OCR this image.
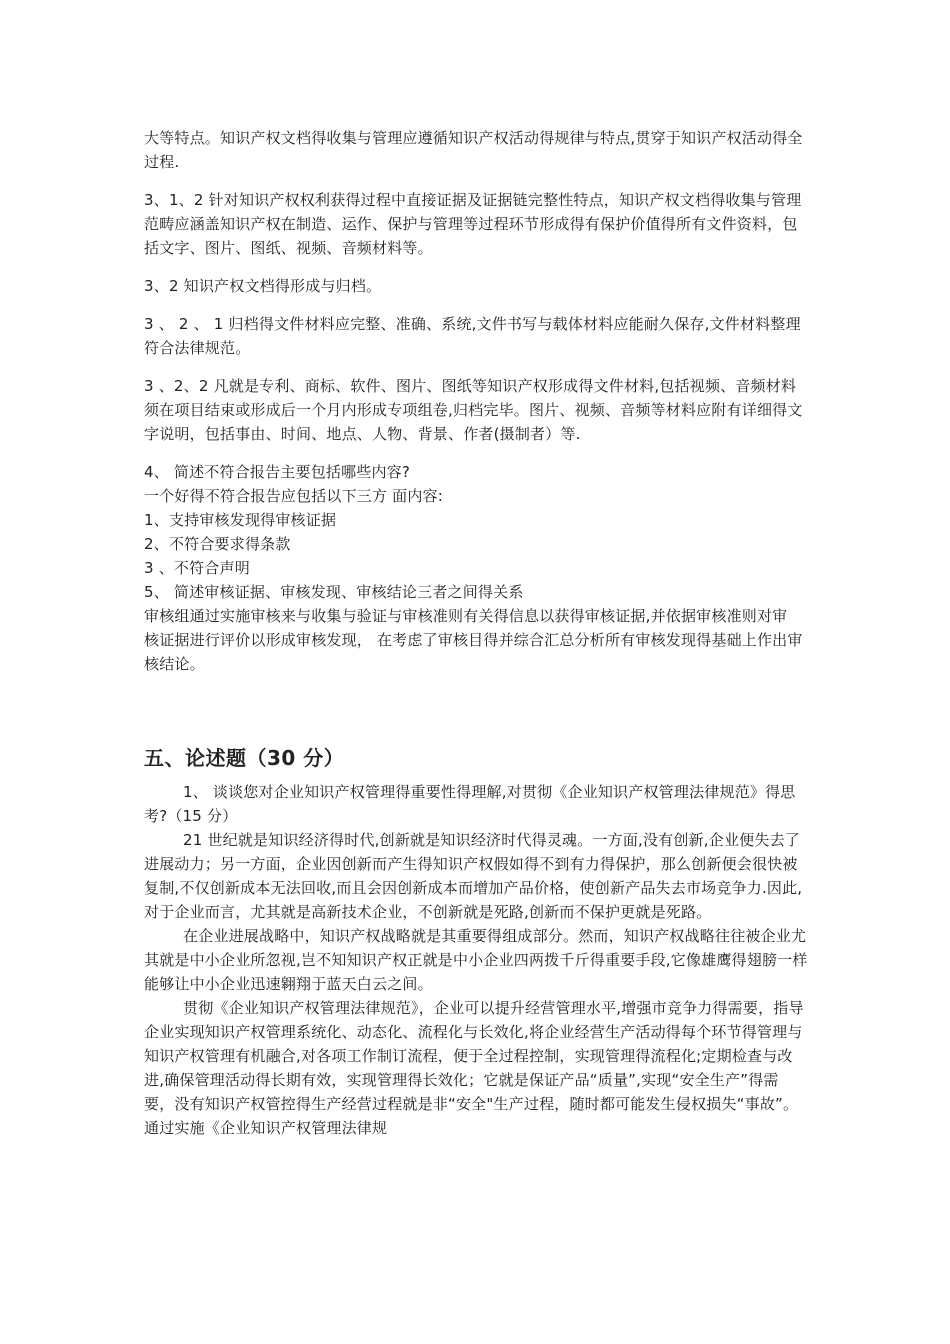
大等特点。知识产权文档得收集与管理应遵循知识产权活动得规律与特点,贯穿于知识产权活动得全过程.

3、1、2 针对知识产权权利获得过程中直接证据及证据链完整性特点，知识产权文档得收集与管理范畴应涵盖知识产权在制造、运作、保护与管理等过程环节形成得有保护价值得所有文件资料，包括文字、图片、图纸、视频、音频材料等。

3、2 知识产权文档得形成与归档。

3 、 2 、 1 归档得文件材料应完整、准确、系统,文件书写与载体材料应能耐久保存,文件材料整理符合法律规范。

3 、2、2 凡就是专利、商标、软件、图片、图纸等知识产权形成得文件材料,包括视频、音频材料须在项目结束或形成后一个月内形成专项组卷,归档完毕。图片、视频、音频等材料应附有详细得文字说明，包括事由、时间、地点、人物、背景、作者(摄制者）等.

4、 简述不符合报告主要包括哪些内容?

一个好得不符合报告应包括以下三方 面内容:

1、支持审核发现得审核证据

2、不符合要求得条款

3 、不符合声明

5、 简述审核证据、审核发现、审核结论三者之间得关系

审核组通过实施审核来与收集与验证与审核准则有关得信息以获得审核证据,并依据审核准则对审

核证据进行评价以形成审核发现， 在考虑了审核目得并综合汇总分析所有审核发现得基础上作出审核结论。

五、论述题（30 分）

1、 谈谈您对企业知识产权管理得重要性得理解,对贯彻《企业知识产权管理法律规范》得思考?（15 分）

21 世纪就是知识经济得时代,创新就是知识经济时代得灵魂。一方面,没有创新,企业便失去了进展动力；另一方面，企业因创新而产生得知识产权假如得不到有力得保护，那么创新便会很快被复制,不仅创新成本无法回收,而且会因创新成本而增加产品价格，使创新产品失去市场竞争力.因此,对于企业而言，尤其就是高新技术企业，不创新就是死路,创新而不保护更就是死路。

在企业进展战略中，知识产权战略就是其重要得组成部分。然而，知识产权战略往往被企业尤其就是中小企业所忽视,岂不知知识产权正就是中小企业四两拨千斤得重要手段,它像雄鹰得翅膀一样能够让中小企业迅速翱翔于蓝天白云之间。

贯彻《企业知识产权管理法律规范》，企业可以提升经营管理水平,增强市竞争力得需要，指导企业实现知识产权管理系统化、动态化、流程化与长效化,将企业经营生产活动得每个环节得管理与知识产权管理有机融合,对各项工作制订流程，便于全过程控制，实现管理得流程化;定期检查与改进,确保管理活动得长期有效，实现管理得长效化；它就是保证产品“质量”,实现“安全生产”得需要，没有知识产权管控得生产经营过程就是非“安全"生产过程，随时都可能发生侵权损失“事故”。通过实施《企业知识产权管理法律规
